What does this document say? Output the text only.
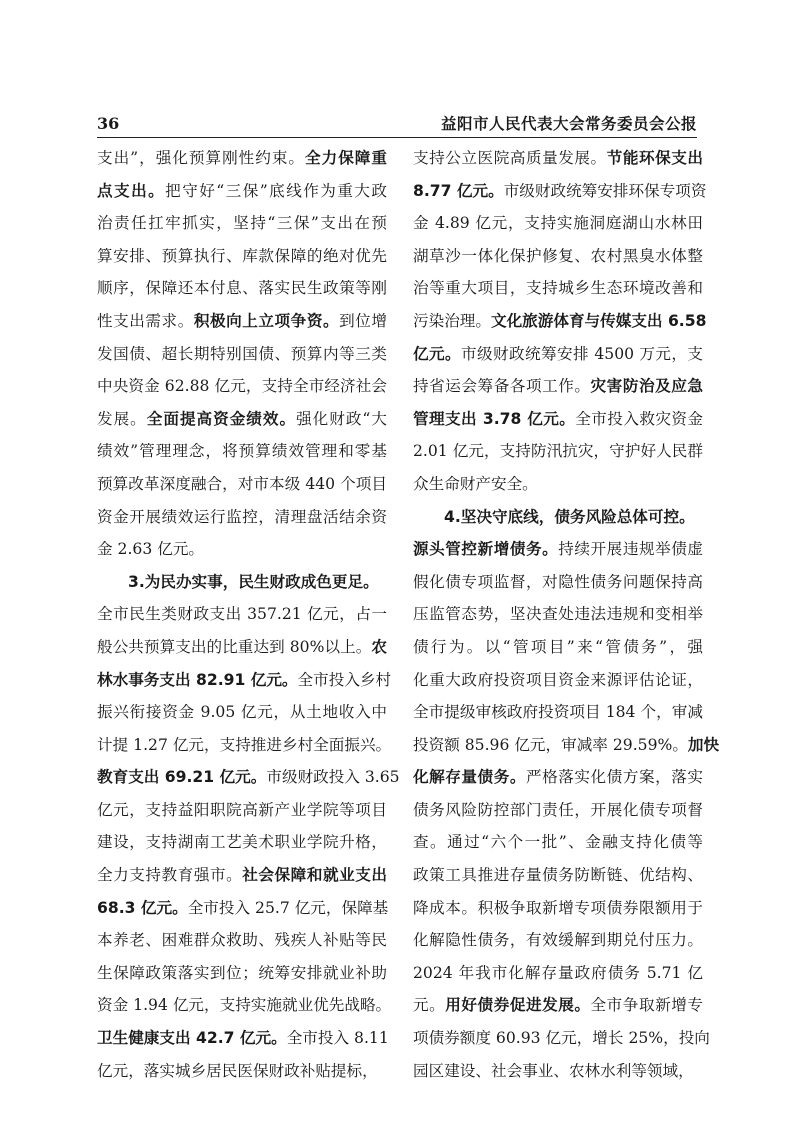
36	益阳市人民代表大会常务委员会公报
支出”，强化预算刚性约束。全力保障重
点支出。把守好“三保”底线作为重大政
治责任扛牢抓实，坚持“三保”支出在预
算安排、预算执行、库款保障的绝对优先
顺序，保障还本付息、落实民生政策等刚
性支出需求。积极向上立项争资。到位增
发国债、超长期特别国债、预算内等三类
中央资金 62.88 亿元，支持全市经济社会
发展。全面提高资金绩效。强化财政“大
绩效”管理理念，将预算绩效管理和零基
预算改革深度融合，对市本级 440 个项目
资金开展绩效运行监控，清理盘活结余资
金 2.63 亿元。
3.为民办实事，民生财政成色更足。
全市民生类财政支出 357.21 亿元，占一
般公共预算支出的比重达到 80%以上。农
林水事务支出 82.91 亿元。全市投入乡村
振兴衔接资金 9.05 亿元，从土地收入中
计提 1.27 亿元，支持推进乡村全面振兴。
教育支出 69.21 亿元。市级财政投入 3.65
亿元，支持益阳职院高新产业学院等项目
建设，支持湖南工艺美术职业学院升格，
全力支持教育强市。社会保障和就业支出
68.3 亿元。全市投入 25.7 亿元，保障基
本养老、困难群众救助、残疾人补贴等民
生保障政策落实到位；统筹安排就业补助
资金 1.94 亿元，支持实施就业优先战略。
卫生健康支出 42.7 亿元。全市投入 8.11
亿元，落实城乡居民医保财政补贴提标，
支持公立医院高质量发展。节能环保支出
8.77 亿元。市级财政统筹安排环保专项资
金 4.89 亿元，支持实施洞庭湖山水林田
湖草沙一体化保护修复、农村黑臭水体整
治等重大项目，支持城乡生态环境改善和
污染治理。文化旅游体育与传媒支出 6.58
亿元。市级财政统筹安排 4500 万元，支
持省运会筹备各项工作。灾害防治及应急
管理支出 3.78 亿元。全市投入救灾资金
2.01 亿元，支持防汛抗灾，守护好人民群
众生命财产安全。
4.坚决守底线，债务风险总体可控。
源头管控新增债务。持续开展违规举债虚
假化债专项监督，对隐性债务问题保持高
压监管态势，坚决查处违法违规和变相举
债行为。以“管项目”来“管债务”，强
化重大政府投资项目资金来源评估论证，
全市提级审核政府投资项目 184 个，审减
投资额 85.96 亿元，审减率 29.59%。加快
化解存量债务。严格落实化债方案，落实
债务风险防控部门责任，开展化债专项督
查。通过“六个一批”、金融支持化债等
政策工具推进存量债务防断链、优结构、
降成本。积极争取新增专项债券限额用于
化解隐性债务，有效缓解到期兑付压力。
2024 年我市化解存量政府债务 5.71 亿
元。用好债券促进发展。全市争取新增专
项债券额度 60.93 亿元，增长 25%，投向
园区建设、社会事业、农林水利等领域，
